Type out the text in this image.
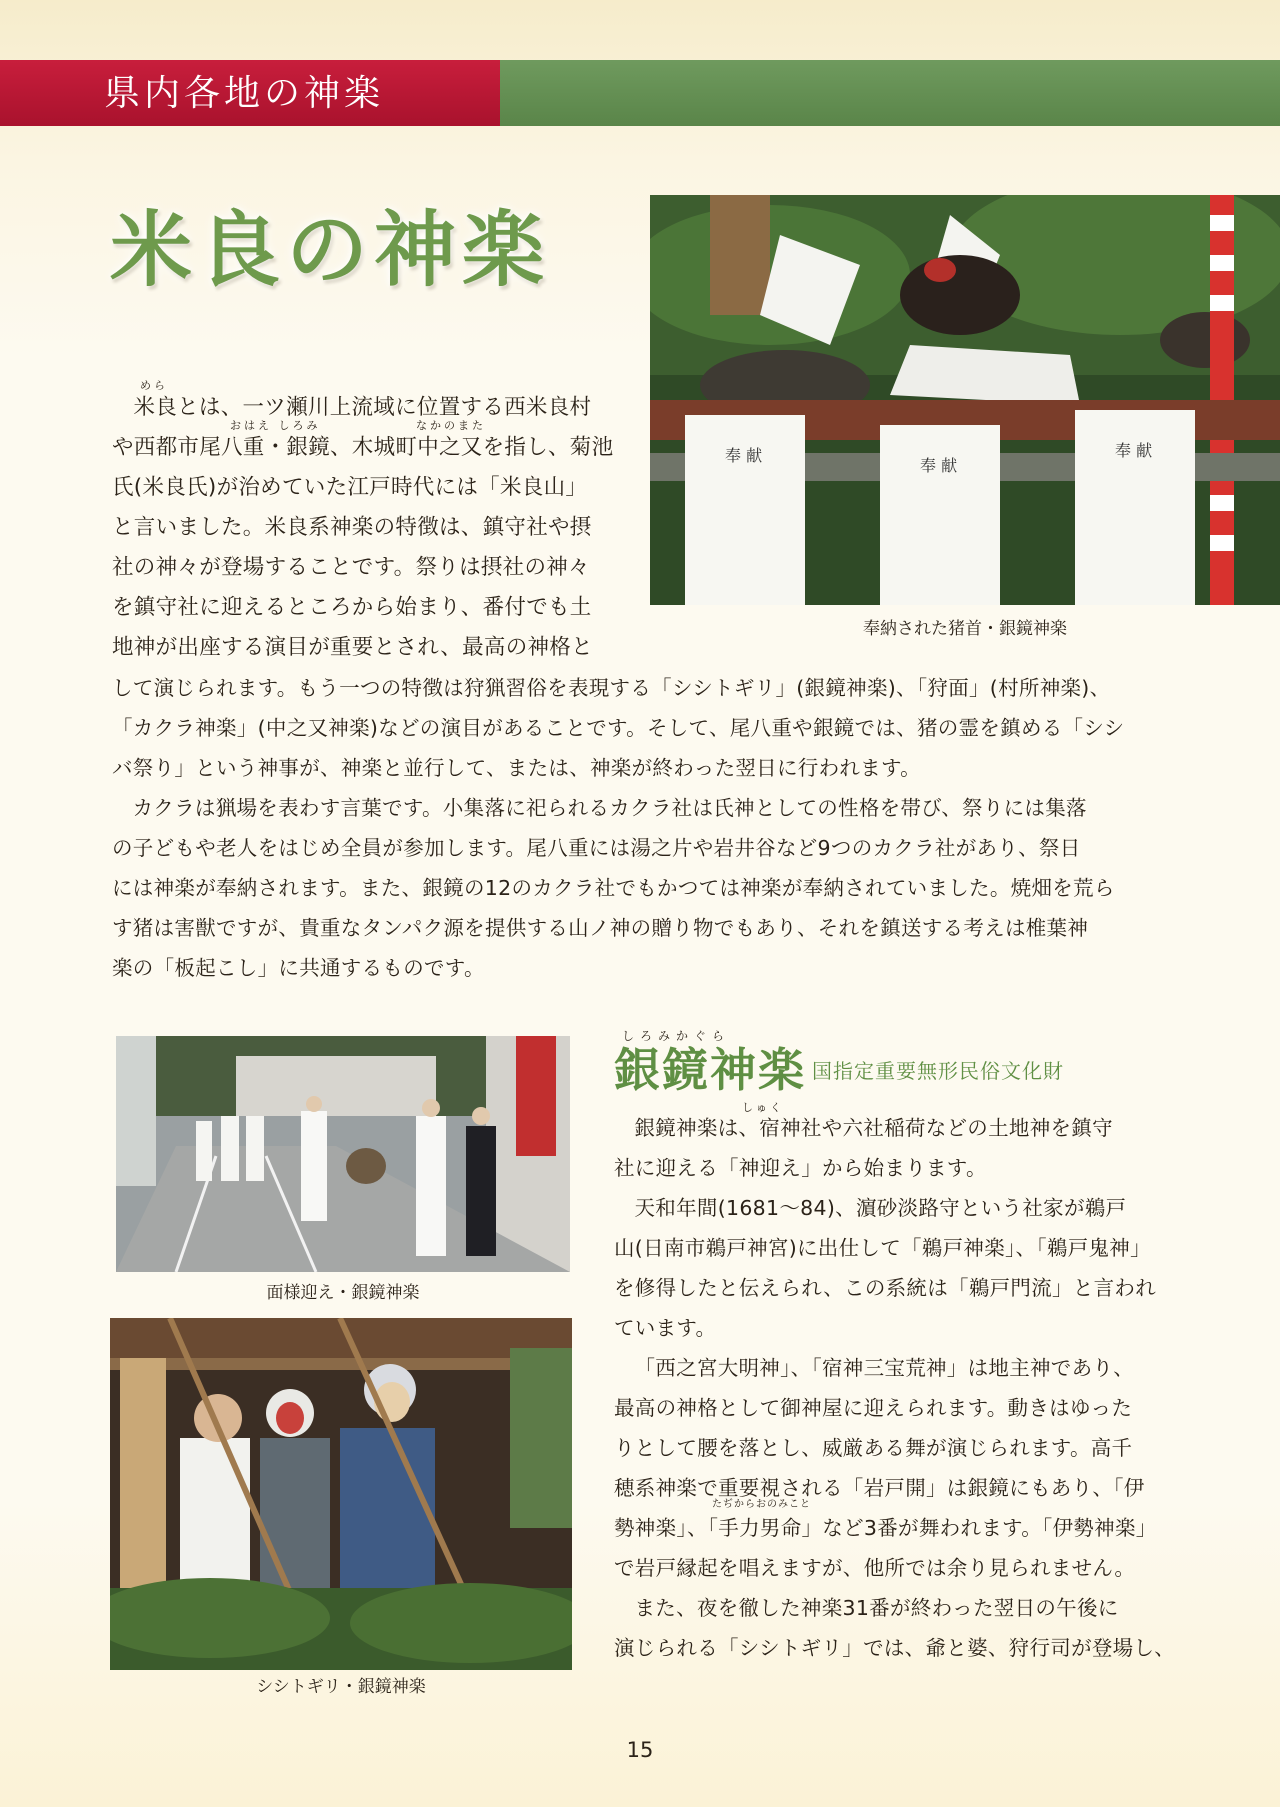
県内各地の神楽
米良の神楽
めら
おはえ しろみ	なかのまた
米良とは、一ツ瀬川上流域に位置する西米良村
や西都市尾八重・銀鏡、木城町中之又を指し、菊池
氏(米良氏)が治めていた江戸時代には「米良山」
と言いました。米良系神楽の特徴は、鎮守社や摂
社の神々が登場することです。祭りは摂社の神々
を鎮守社に迎えるところから始まり、番付でも土
地神が出座する演目が重要とされ、最高の神格と
して演じられます。もう一つの特徴は狩猟習俗を表現する「シシトギリ」(銀鏡神楽)、「狩面」(村所神楽)、
「カクラ神楽」(中之又神楽)などの演目があることです。そして、尾八重や銀鏡では、猪の霊を鎮める「シシ
バ祭り」という神事が、神楽と並行して、または、神楽が終わった翌日に行われます。
カクラは猟場を表わす言葉です。小集落に祀られるカクラ社は氏神としての性格を帯び、祭りには集落
の子どもや老人をはじめ全員が参加します。尾八重には湯之片や岩井谷など9つのカクラ社があり、祭日
には神楽が奉納されます。また、銀鏡の12のカクラ社でもかつては神楽が奉納されていました。焼畑を荒ら
す猪は害獣ですが、貴重なタンパク源を提供する山ノ神の贈り物でもあり、それを鎮送する考えは椎葉神
楽の「板起こし」に共通するものです。
奉 献
奉 献
奉 献
奉納された猪首・銀鏡神楽
面様迎え・銀鏡神楽
シシトギリ・銀鏡神楽
しろみかぐら
銀鏡神楽 国指定重要無形民俗文化財
しゅく
たぢからおのみこと
銀鏡神楽は、宿神社や六社稲荷などの土地神を鎮守
社に迎える「神迎え」から始まります。
天和年間(1681〜84)、濵砂淡路守という社家が鵜戸
山(日南市鵜戸神宮)に出仕して「鵜戸神楽」、「鵜戸鬼神」
を修得したと伝えられ、この系統は「鵜戸門流」と言われ
ています。
「西之宮大明神」、「宿神三宝荒神」は地主神であり、
最高の神格として御神屋に迎えられます。動きはゆった
りとして腰を落とし、威厳ある舞が演じられます。高千
穂系神楽で重要視される「岩戸開」は銀鏡にもあり、「伊
勢神楽」、「手力男命」など3番が舞われます。「伊勢神楽」
で岩戸縁起を唱えますが、他所では余り見られません。
また、夜を徹した神楽31番が終わった翌日の午後に
演じられる「シシトギリ」では、爺と婆、狩行司が登場し、
15
